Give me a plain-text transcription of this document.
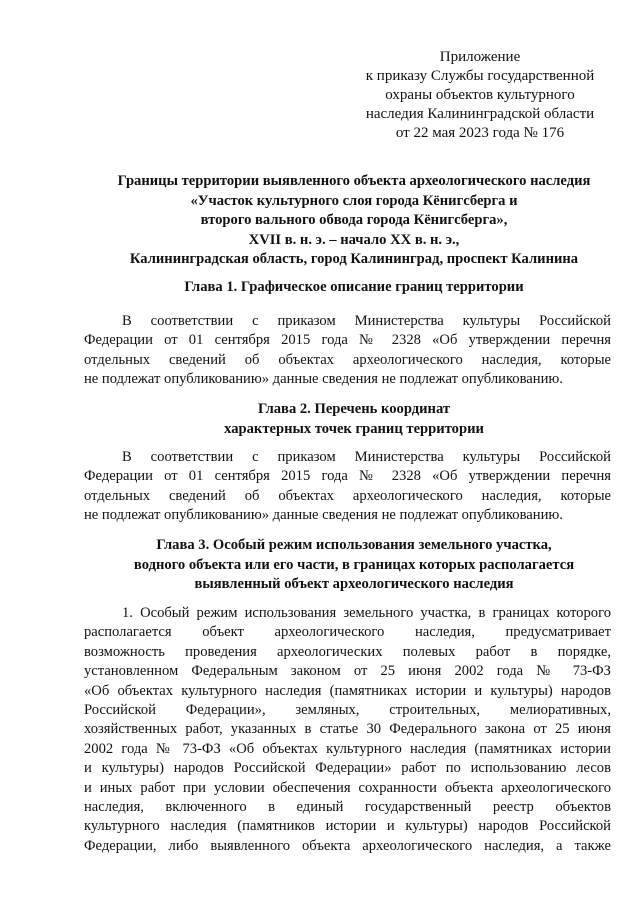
Приложение
к приказу Службы государственной
охраны объектов культурного
наследия Калининградской области
от 22 мая 2023 года № 176
Границы территории выявленного объекта археологического наследия
«Участок культурного слоя города Кёнигсберга и
второго вального обвода города Кёнигсберга»,
XVII в. н. э. – начало XX в. н. э.,
Калининградская область, город Калининград, проспект Калинина
Глава 1. Графическое описание границ территории
В соответствии с приказом Министерства культуры Российской
Федерации от 01 сентября 2015 года № 2328 «Об утверждении перечня
отдельных сведений об объектах археологического наследия, которые
не подлежат опубликованию» данные сведения не подлежат опубликованию.
Глава 2. Перечень координат
характерных точек границ территории
В соответствии с приказом Министерства культуры Российской
Федерации от 01 сентября 2015 года № 2328 «Об утверждении перечня
отдельных сведений об объектах археологического наследия, которые
не подлежат опубликованию» данные сведения не подлежат опубликованию.
Глава 3. Особый режим использования земельного участка,
водного объекта или его части, в границах которых располагается
выявленный объект археологического наследия
1. Особый режим использования земельного участка, в границах которого
располагается объект археологического наследия, предусматривает
возможность проведения археологических полевых работ в порядке,
установленном Федеральным законом от 25 июня 2002 года № 73-ФЗ
«Об объектах культурного наследия (памятниках истории и культуры) народов
Российской Федерации», земляных, строительных, мелиоративных,
хозяйственных работ, указанных в статье 30 Федерального закона от 25 июня
2002 года № 73-ФЗ «Об объектах культурного наследия (памятниках истории
и культуры) народов Российской Федерации» работ по использованию лесов
и иных работ при условии обеспечения сохранности объекта археологического
наследия, включенного в единый государственный реестр объектов
культурного наследия (памятников истории и культуры) народов Российской
Федерации, либо выявленного объекта археологического наследия, а также
